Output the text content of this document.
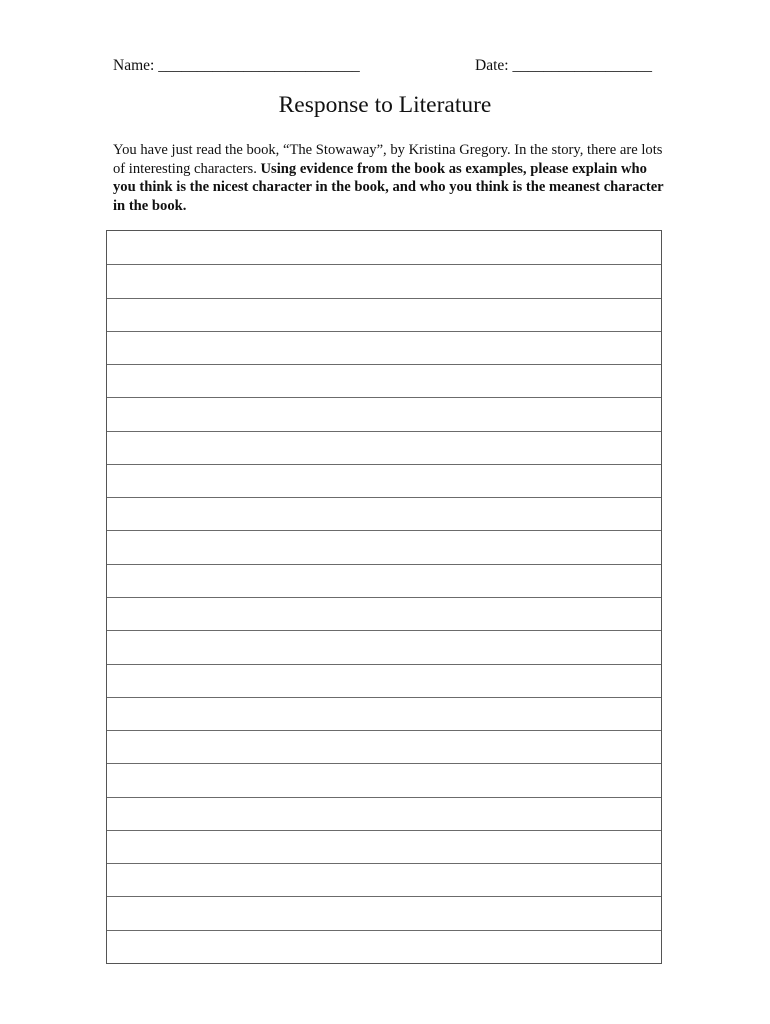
Name: __________________________	Date: __________________
Response to Literature

You have just read the book, “The Stowaway”, by Kristina Gregory. In the story, there are lots of interesting characters. Using evidence from the book as examples, please explain who you think is the nicest character in the book, and who you think is the meanest character in the book.
